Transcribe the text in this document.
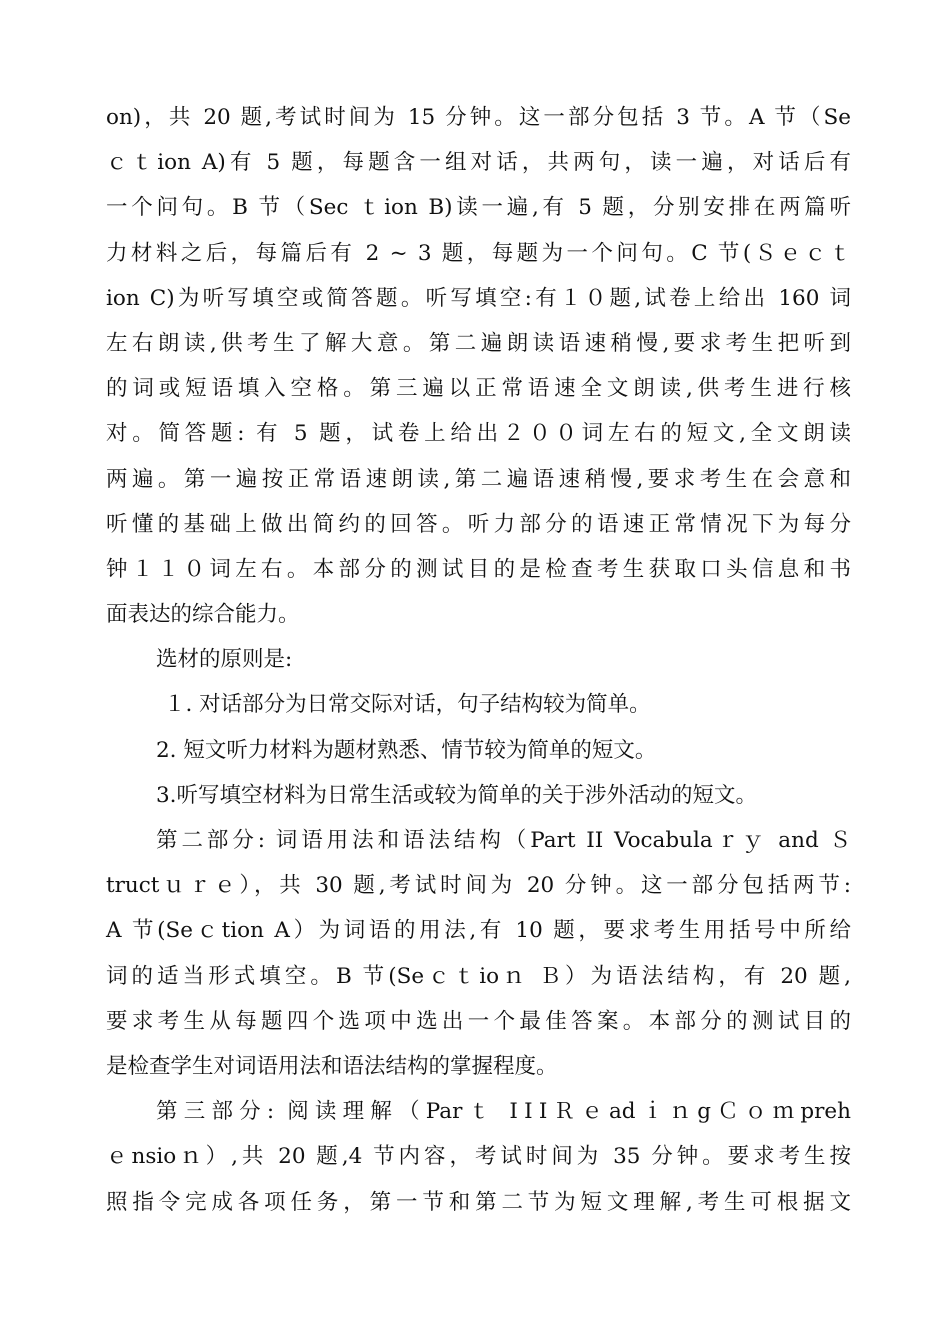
on)，共 20 题,考试时间为 15 分钟。这一部分包括 3 节。A 节（Se
ｃｔion A)有 5 题，每题含一组对话，共两句，读一遍，对话后有
一个问句。B 节（Sec ｔion B)读一遍,有 5 题，分别安排在两篇听
力材料之后，每篇后有 2 ~ 3 题，每题为一个问句。C 节(Ｓｅｃｔ
ion C)为听写填空或简答题。听写填空:有１０题,试卷上给出 160 词
左右朗读,供考生了解大意。第二遍朗读语速稍慢,要求考生把听到
的词或短语填入空格。第三遍以正常语速全文朗读,供考生进行核
对。简答题: 有 5 题，试卷上给出２００词左右的短文,全文朗读
两遍。第一遍按正常语速朗读,第二遍语速稍慢,要求考生在会意和
听懂的基础上做出简约的回答。听力部分的语速正常情况下为每分
钟１１０词左右。本部分的测试目的是检查考生获取口头信息和书
面表达的综合能力。
选材的原则是:
１. 对话部分为日常交际对话，句子结构较为简单。
2. 短文听力材料为题材熟悉、情节较为简单的短文。
3.听写填空材料为日常生活或较为简单的关于涉外活动的短文。
第二部分: 词语用法和语法结构（Part II Vocabulaｒｙ and Ｓ
tructｕｒｅ），共 30 题,考试时间为 20 分钟。这一部分包括两节:
A 节(Seｃtion A）为词语的用法,有 10 题，要求考生用括号中所给
词的适当形式填空。B 节(Seｃｔioｎ Ｂ）为语法结构，有 20 题,
要求考生从每题四个选项中选出一个最佳答案。本部分的测试目的
是检查学生对词语用法和语法结构的掌握程度。
第三部分: 阅读理解（Parｔ ⅠⅠⅠＲｅadｉｎgＣｏｍpreh
ｅnsioｎ）,共 20 题,4 节内容，考试时间为 35 分钟。要求考生按
照指令完成各项任务，第一节和第二节为短文理解,考生可根据文
